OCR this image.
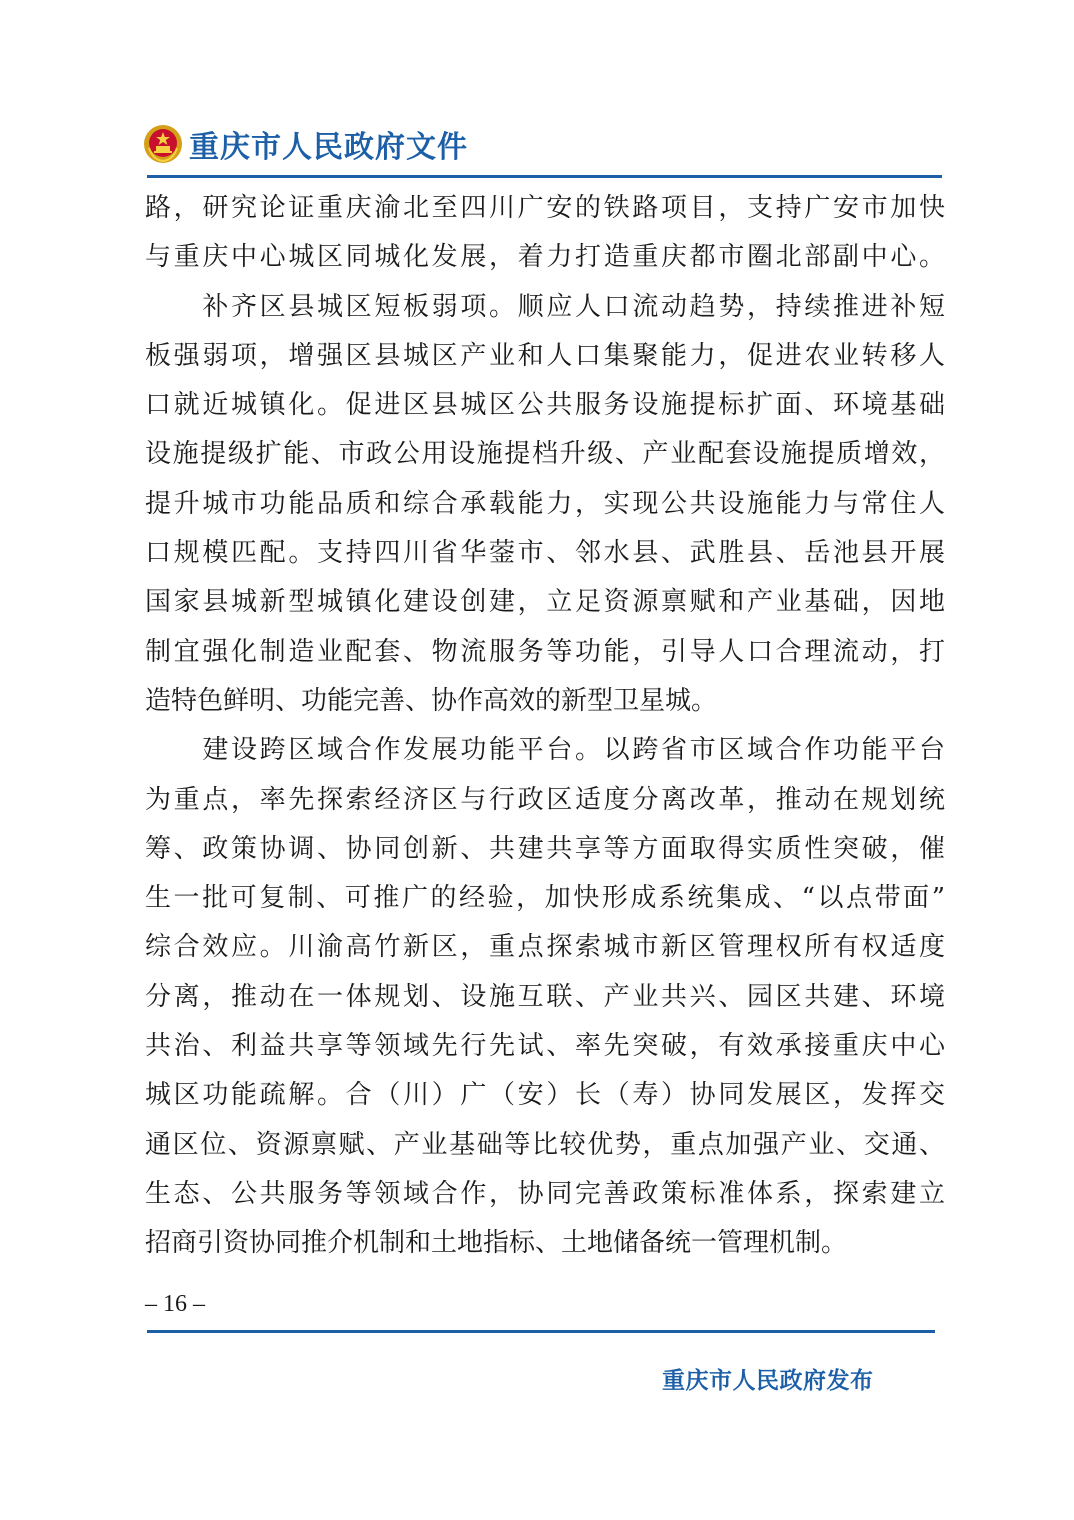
重庆市人民政府文件
路，研究论证重庆渝北至四川广安的铁路项目，支持广安市加快
与重庆中心城区同城化发展，着力打造重庆都市圈北部副中心。
　　补齐区县城区短板弱项。顺应人口流动趋势，持续推进补短
板强弱项，增强区县城区产业和人口集聚能力，促进农业转移人
口就近城镇化。促进区县城区公共服务设施提标扩面、环境基础
设施提级扩能、市政公用设施提档升级、产业配套设施提质增效，
提升城市功能品质和综合承载能力，实现公共设施能力与常住人
口规模匹配。支持四川省华蓥市、邻水县、武胜县、岳池县开展
国家县城新型城镇化建设创建，立足资源禀赋和产业基础，因地
制宜强化制造业配套、物流服务等功能，引导人口合理流动，打
造特色鲜明、功能完善、协作高效的新型卫星城。
　　建设跨区域合作发展功能平台。以跨省市区域合作功能平台
为重点，率先探索经济区与行政区适度分离改革，推动在规划统
筹、政策协调、协同创新、共建共享等方面取得实质性突破，催
生一批可复制、可推广的经验，加快形成系统集成、“以点带面”
综合效应。川渝高竹新区，重点探索城市新区管理权所有权适度
分离，推动在一体规划、设施互联、产业共兴、园区共建、环境
共治、利益共享等领域先行先试、率先突破，有效承接重庆中心
城区功能疏解。合（川）广（安）长（寿）协同发展区，发挥交
通区位、资源禀赋、产业基础等比较优势，重点加强产业、交通、
生态、公共服务等领域合作，协同完善政策标准体系，探索建立
招商引资协同推介机制和土地指标、土地储备统一管理机制。
– 16 –
重庆市人民政府发布
